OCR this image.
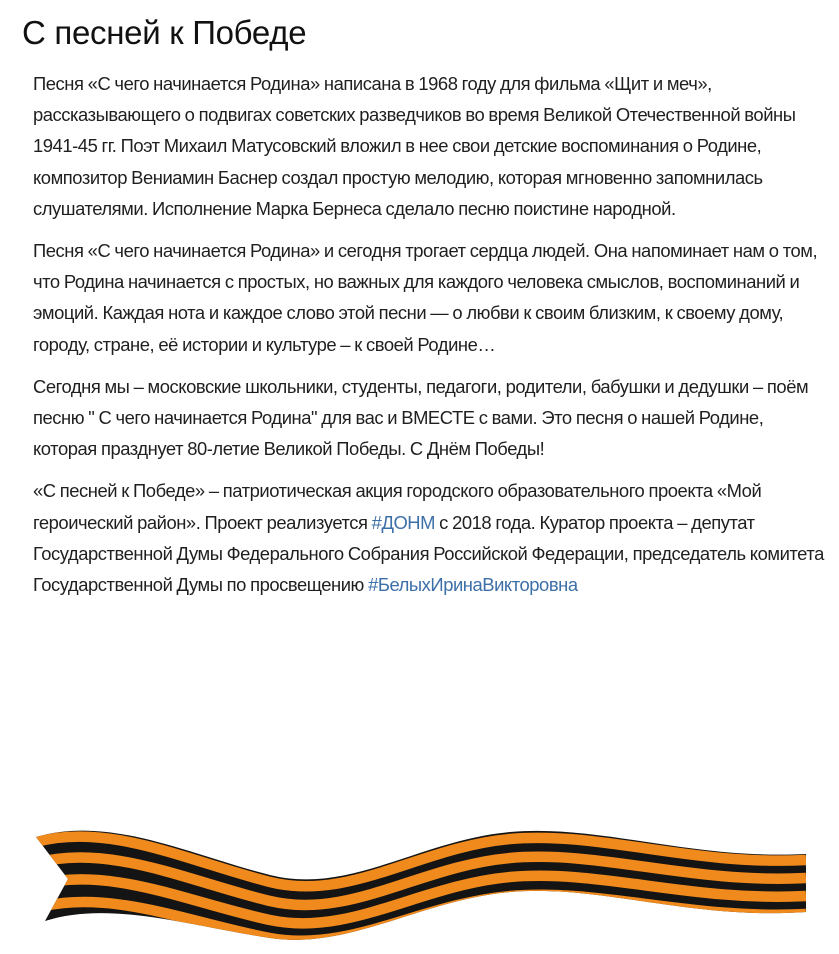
С песней к Победе

Песня «С чего начинается Родина» написана в 1968 году для фильма «Щит и меч», рассказывающего о подвигах советских разведчиков во время Великой Отечественной войны 1941-45 гг. Поэт Михаил Матусовский вложил в нее свои детские воспоминания о Родине, композитор Вениамин Баснер создал простую мелодию, которая мгновенно запомнилась слушателями. Исполнение Марка Бернеса сделало песню поистине народной.

Песня «С чего начинается Родина» и сегодня трогает сердца людей. Она напоминает нам о том, что Родина начинается с простых, но важных для каждого человека смыслов, воспоминаний и эмоций. Каждая нота и каждое слово этой песни — о любви к своим близким, к своему дому, городу, стране, её истории и культуре – к своей Родине…

Сегодня мы – московские школьники, студенты, педагоги, родители, бабушки и дедушки – поём песню " С чего начинается Родина" для вас и ВМЕСТЕ с вами. Это песня о нашей Родине, которая празднует 80-летие Великой Победы. С Днём Победы!

«С песней к Победе» – патриотическая акция городского образовательного проекта «Мой героический район». Проект реализуется #ДОНМ с 2018 года. Куратор проекта – депутат Государственной Думы Федерального Собрания Российской Федерации, председатель комитета Государственной Думы по просвещению #БелыхИринаВикторовна
